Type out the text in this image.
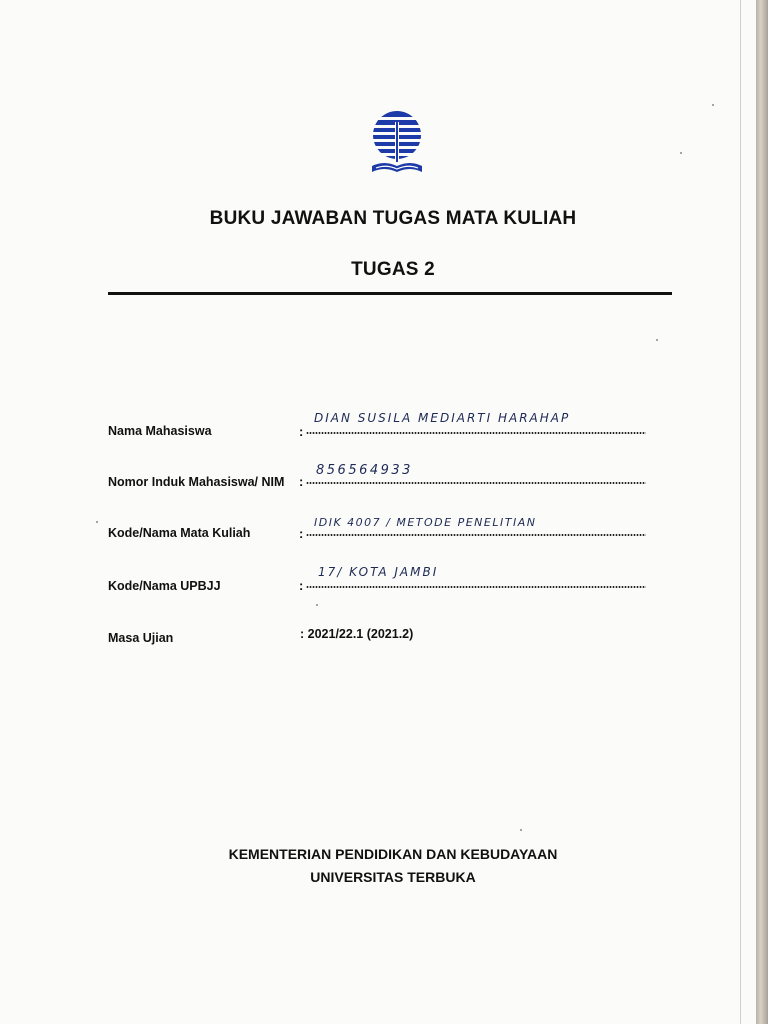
BUKU JAWABAN TUGAS MATA KULIAH
TUGAS 2
Nama Mahasiswa	:
DIAN SUSILA MEDIARTI HARAHAP
Nomor Induk Mahasiswa/ NIM :
856564933
Kode/Nama Mata Kuliah	:
IDIK 4007 / METODE PENELITIAN
Kode/Nama UPBJJ	:
17/ KOTA JAMBI
Masa Ujian	: 2021/22.1 (2021.2)
KEMENTERIAN PENDIDIKAN DAN KEBUDAYAAN
UNIVERSITAS TERBUKA
